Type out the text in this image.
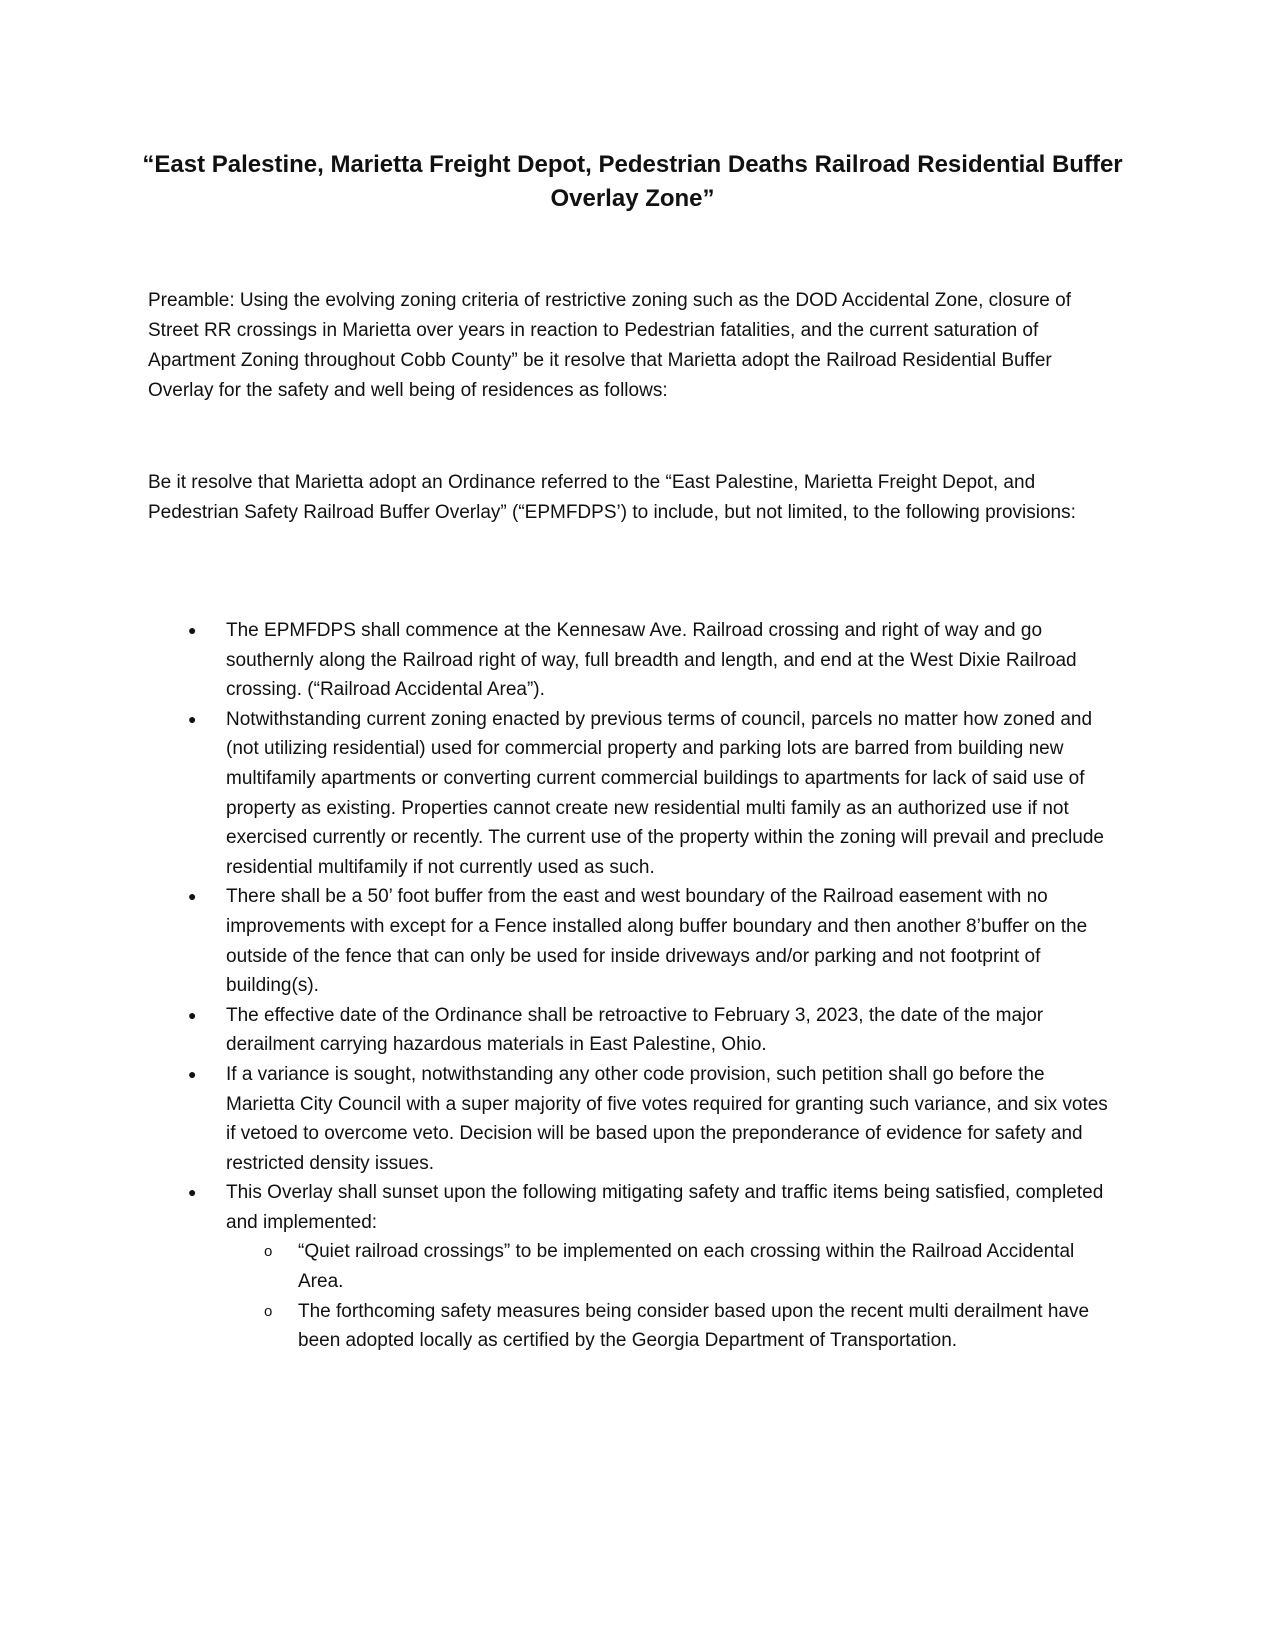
“East Palestine, Marietta Freight Depot, Pedestrian Deaths Railroad Residential Buffer Overlay Zone”

Preamble: Using the evolving zoning criteria of restrictive zoning such as the DOD Accidental Zone, closure of Street RR crossings in Marietta over years in reaction to Pedestrian fatalities, and the current saturation of Apartment Zoning throughout Cobb County” be it resolve that Marietta adopt the Railroad Residential Buffer Overlay for the safety and well being of residences as follows:

Be it resolve that Marietta adopt an Ordinance referred to the “East Palestine, Marietta Freight Depot, and Pedestrian Safety Railroad Buffer Overlay” (“EPMFDPS’) to include, but not limited, to the following provisions:

● The EPMFDPS shall commence at the Kennesaw Ave. Railroad crossing and right of way and go southernly along the Railroad right of way, full breadth and length, and end at the West Dixie Railroad crossing. (“Railroad Accidental Area”).
● Notwithstanding current zoning enacted by previous terms of council, parcels no matter how zoned and (not utilizing residential) used for commercial property and parking lots are barred from building new multifamily apartments or converting current commercial buildings to apartments for lack of said use of property as existing. Properties cannot create new residential multi family as an authorized use if not exercised currently or recently. The current use of the property within the zoning will prevail and preclude residential multifamily if not currently used as such.
● There shall be a 50’ foot buffer from the east and west boundary of the Railroad easement with no improvements with except for a Fence installed along buffer boundary and then another 8’buffer on the outside of the fence that can only be used for inside driveways and/or parking and not footprint of building(s).
● The effective date of the Ordinance shall be retroactive to February 3, 2023, the date of the major derailment carrying hazardous materials in East Palestine, Ohio.
● If a variance is sought, notwithstanding any other code provision, such petition shall go before the Marietta City Council with a super majority of five votes required for granting such variance, and six votes if vetoed to overcome veto. Decision will be based upon the preponderance of evidence for safety and restricted density issues.
● This Overlay shall sunset upon the following mitigating safety and traffic items being satisfied, completed and implemented:
o “Quiet railroad crossings” to be implemented on each crossing within the Railroad Accidental Area.
o The forthcoming safety measures being consider based upon the recent multi derailment have been adopted locally as certified by the Georgia Department of Transportation.
